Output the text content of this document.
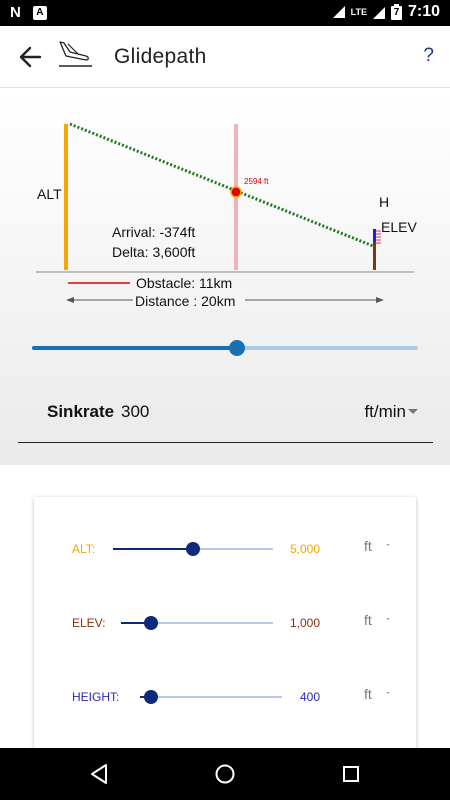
N	A	LTE	7 7:10
Glidepath	?
ALT	H
ELEV
2594 ft
Arrival: -374ft
Delta: 3,600ft
Obstacle: 11km
Distance : 20km
Sinkrate 300	ft/min
ALT:	5,000	ft
ELEV:	1,000	ft
HEIGHT:	400	ft
